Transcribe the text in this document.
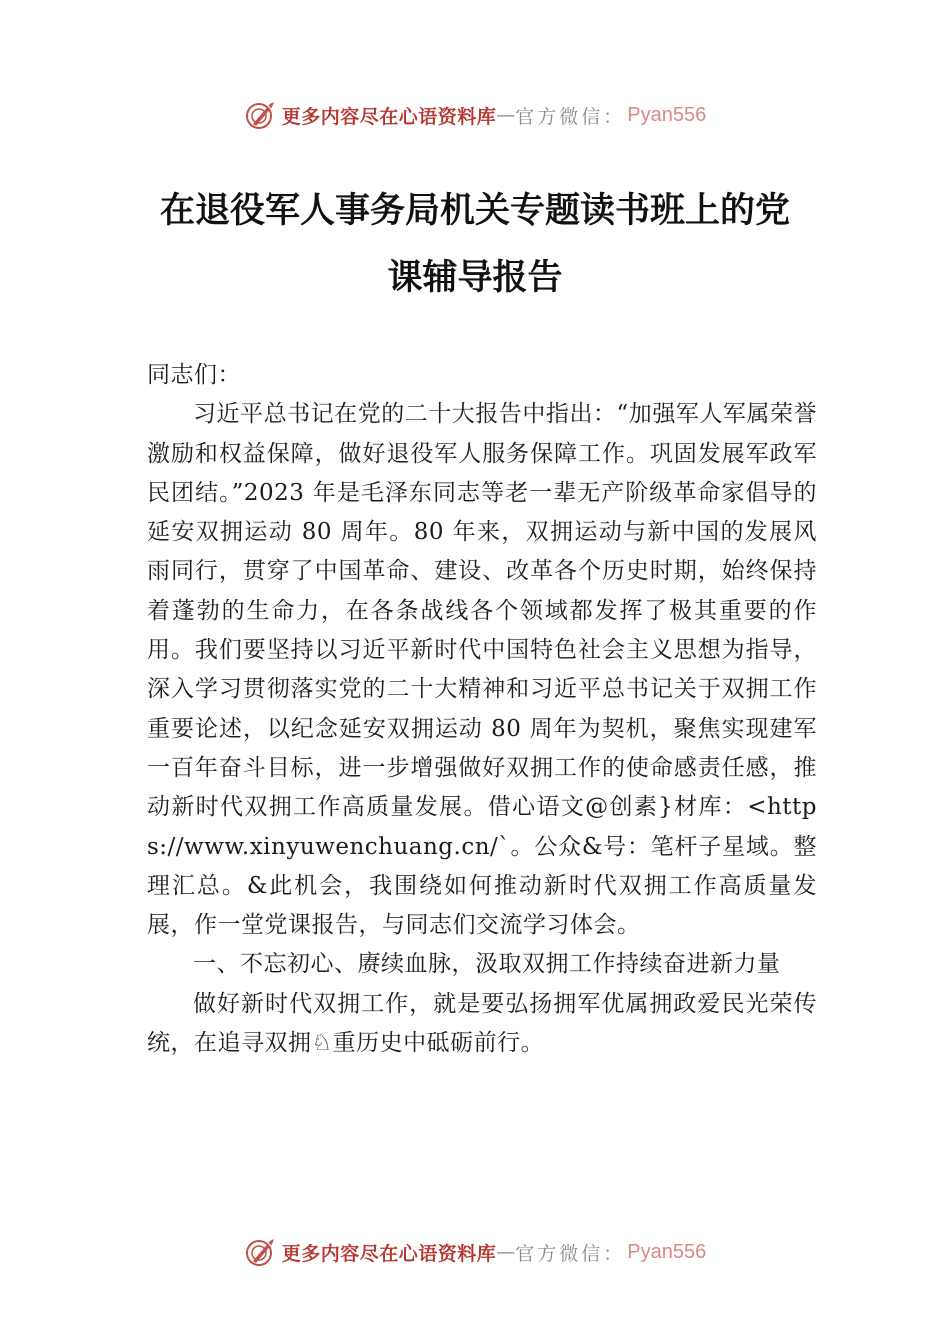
更多内容尽在心语资料库 — 官方微信： Pyan556
在退役军人事务局机关专题读书班上的党
课辅导报告

同志们：

习近平总书记在党的二十大报告中指出：“加强军人军属荣誉激励和权益保障，做好退役军人服务保障工作。巩固发展军政军民团结。”2023 年是毛泽东同志等老一辈无产阶级革命家倡导的延安双拥运动 80 周年。80 年来，双拥运动与新中国的发展风雨同行，贯穿了中国革命、建设、改革各个历史时期，始终保持着蓬勃的生命力，在各条战线各个领域都发挥了极其重要的作用。我们要坚持以习近平新时代中国特色社会主义思想为指导，深入学习贯彻落实党的二十大精神和习近平总书记关于双拥工作重要论述，以纪念延安双拥运动 80 周年为契机，聚焦实现建军一百年奋斗目标，进一步增强做好双拥工作的使命感责任感，推动新时代双拥工作高质量发展。借心语文@创素}材库：<https://www.xinyuwenchuang.cn/`。公众&号：笔杆子星域。整理汇总。&此机会，我围绕如何推动新时代双拥工作高质量发展，作一堂党课报告，与同志们交流学习体会。

一、不忘初心、赓续血脉，汲取双拥工作持续奋进新力量

做好新时代双拥工作，就是要弘扬拥军优属拥政爱民光荣传统，在追寻双拥♘重历史中砥砺前行。

更多内容尽在心语资料库 — 官方微信： Pyan556
